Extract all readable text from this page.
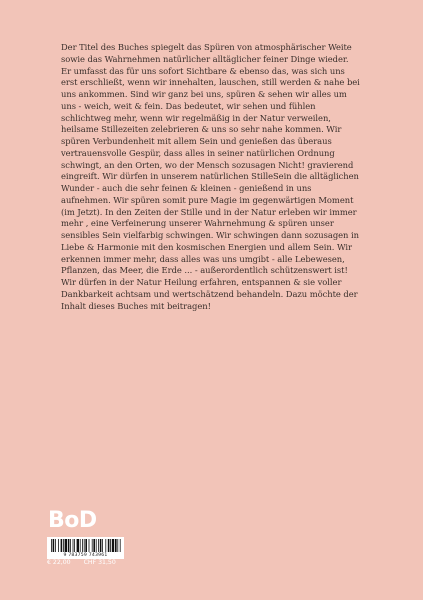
Der Titel des Buches spiegelt das Spüren von atmosphärischer Weite sowie das Wahrnehmen natürlicher alltäglicher feiner Dinge wieder. Er umfasst das für uns sofort Sichtbare & ebenso das, was sich uns erst erschließt, wenn wir innehalten, lauschen, still werden & nahe bei uns ankommen. Sind wir ganz bei uns, spüren & sehen wir alles um uns - weich, weit & fein. Das bedeutet, wir sehen und fühlen schlichtweg mehr, wenn wir regelmäßig in der Natur verweilen, heilsame Stillezeiten zelebrieren & uns so sehr nahe kommen. Wir spüren Verbundenheit mit allem Sein und genießen das überaus vertrauensvolle Gespür, dass alles in seiner natürlichen Ordnung schwingt, an den Orten, wo der Mensch sozusagen Nicht! gravierend eingreift. Wir dürfen in unserem natürlichen StilleSein die alltäglichen Wunder - auch die sehr feinen & kleinen - genießend in uns aufnehmen. Wir spüren somit pure Magie im gegenwärtigen Moment (im Jetzt). In den Zeiten der Stille und in der Natur erleben wir immer mehr , eine Verfeinerung unserer Wahrnehmung & spüren unser sensibles Sein vielfarbig schwingen. Wir schwingen dann sozusagen in Liebe & Harmonie mit den kosmischen Energien und allem Sein. Wir erkennen immer mehr, dass alles was uns umgibt - alle Lebewesen, Pflanzen, das Meer, die Erde ... - außerordentlich schützenswert ist! Wir dürfen in der Natur Heilung erfahren, entspannen & sie voller Dankbarkeit achtsam und wertschätzend behandeln. Dazu möchte der Inhalt dieses Buches mit beitragen!

BoD
9 783759 743961
€ 22,00 CHF 31,50
